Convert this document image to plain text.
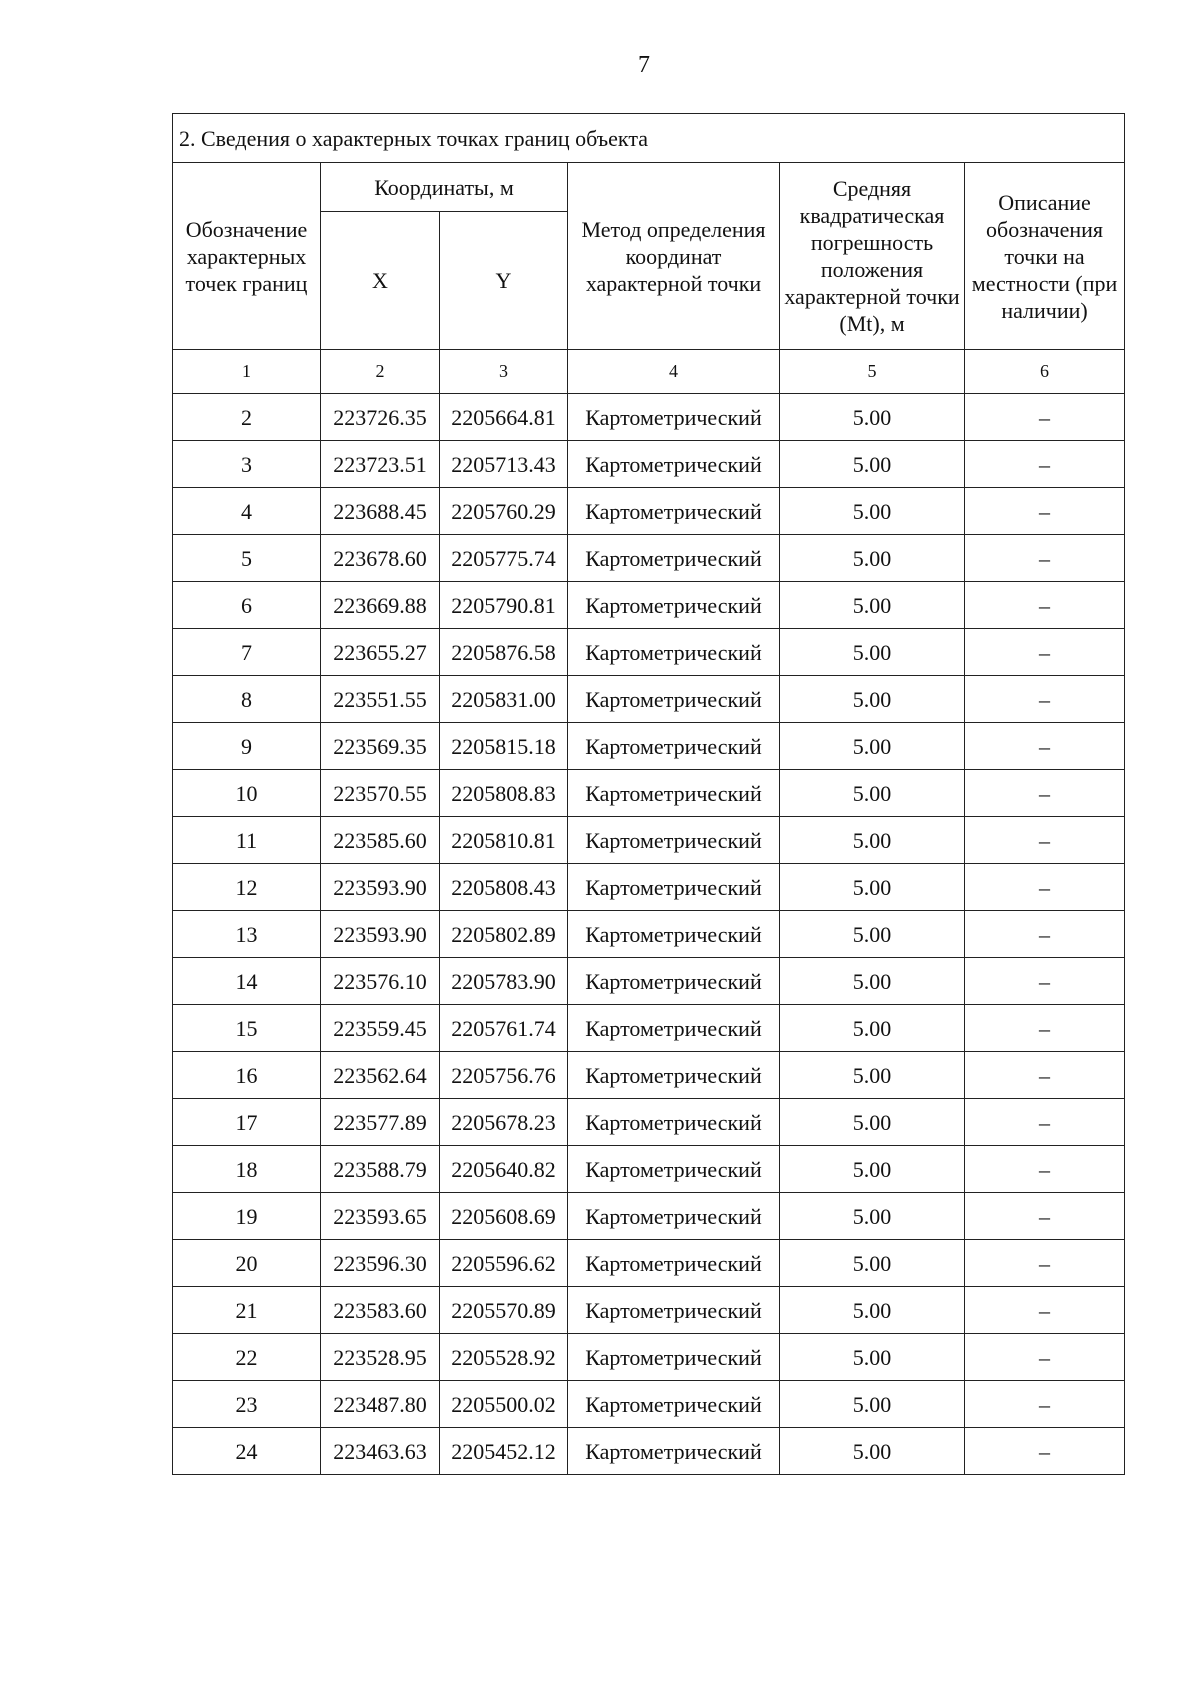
7
2. Сведения о характерных точках границ объекта					
Обозначение характерных точек границ	Координаты, м		Метод определения координат характерной точки	Средняя квадратическая погрешность положения характерной точки (Mt), м	Описание обозначения точки на местности (при наличии)
	X	Y			
1	2	3	4	5	6
2	223726.35	2205664.81	Картометрический	5.00	–
3	223723.51	2205713.43	Картометрический	5.00	–
4	223688.45	2205760.29	Картометрический	5.00	–
5	223678.60	2205775.74	Картометрический	5.00	–
6	223669.88	2205790.81	Картометрический	5.00	–
7	223655.27	2205876.58	Картометрический	5.00	–
8	223551.55	2205831.00	Картометрический	5.00	–
9	223569.35	2205815.18	Картометрический	5.00	–
10	223570.55	2205808.83	Картометрический	5.00	–
11	223585.60	2205810.81	Картометрический	5.00	–
12	223593.90	2205808.43	Картометрический	5.00	–
13	223593.90	2205802.89	Картометрический	5.00	–
14	223576.10	2205783.90	Картометрический	5.00	–
15	223559.45	2205761.74	Картометрический	5.00	–
16	223562.64	2205756.76	Картометрический	5.00	–
17	223577.89	2205678.23	Картометрический	5.00	–
18	223588.79	2205640.82	Картометрический	5.00	–
19	223593.65	2205608.69	Картометрический	5.00	–
20	223596.30	2205596.62	Картометрический	5.00	–
21	223583.60	2205570.89	Картометрический	5.00	–
22	223528.95	2205528.92	Картометрический	5.00	–
23	223487.80	2205500.02	Картометрический	5.00	–
24	223463.63	2205452.12	Картометрический	5.00	–
